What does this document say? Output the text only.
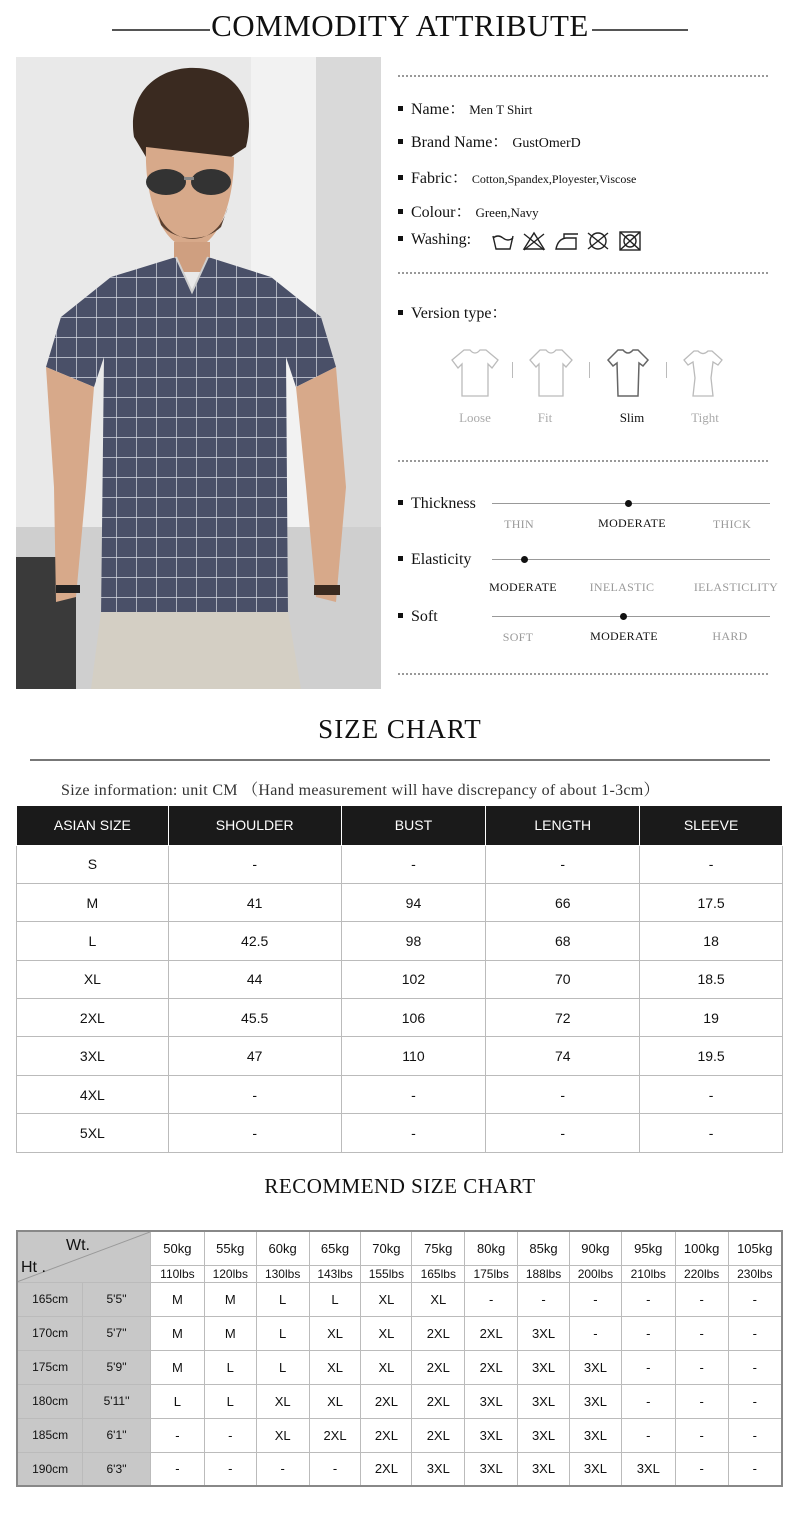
COMMODITY ATTRIBUTE
Name： Men T Shirt
Brand Name： GustOmerD
Fabric： Cotton,Spandex,Ployester,Viscose
Colour： Green,Navy
Washing:
Version type：
Loose	Fit	Slim	Tight
Thickness
THIN	MODERATE	THICK
Elasticity
MODERATE	INELASTIC	IELASTICLITY
Soft
SOFT	MODERATE	HARD
SIZE CHART
Size information: unit CM （Hand measurement will have discrepancy of about 1-3cm）
ASIAN SIZE	SHOULDER	BUST	LENGTH	SLEEVE
S	-	-	-	-
M	41	94	66	17.5
L	42.5	98	68	18
XL	44	102	70	18.5
2XL	45.5	106	72	19
3XL	47	110	74	19.5
4XL	-	-	-	-
5XL	-	-	-	-
RECOMMEND SIZE CHART
Wt.
Ht .		50kg	55kg	60kg	65kg	70kg	75kg	80kg	85kg	90kg	95kg	100kg	105kg
		110lbs	120lbs	130lbs	143lbs	155lbs	165lbs	175lbs	188lbs	200lbs	210lbs	220lbs	230lbs
165cm	5'5''	M	M	L	L	XL	XL	-	-	-	-	-	-
170cm	5'7''	M	M	L	XL	XL	2XL	2XL	3XL	-	-	-	-
175cm	5'9''	M	L	L	XL	XL	2XL	2XL	3XL	3XL	-	-	-
180cm	5'11''	L	L	XL	XL	2XL	2XL	3XL	3XL	3XL	-	-	-
185cm	6'1''	-	-	XL	2XL	2XL	2XL	3XL	3XL	3XL	-	-	-
190cm	6'3''	-	-	-	-	2XL	3XL	3XL	3XL	3XL	3XL	-	-
